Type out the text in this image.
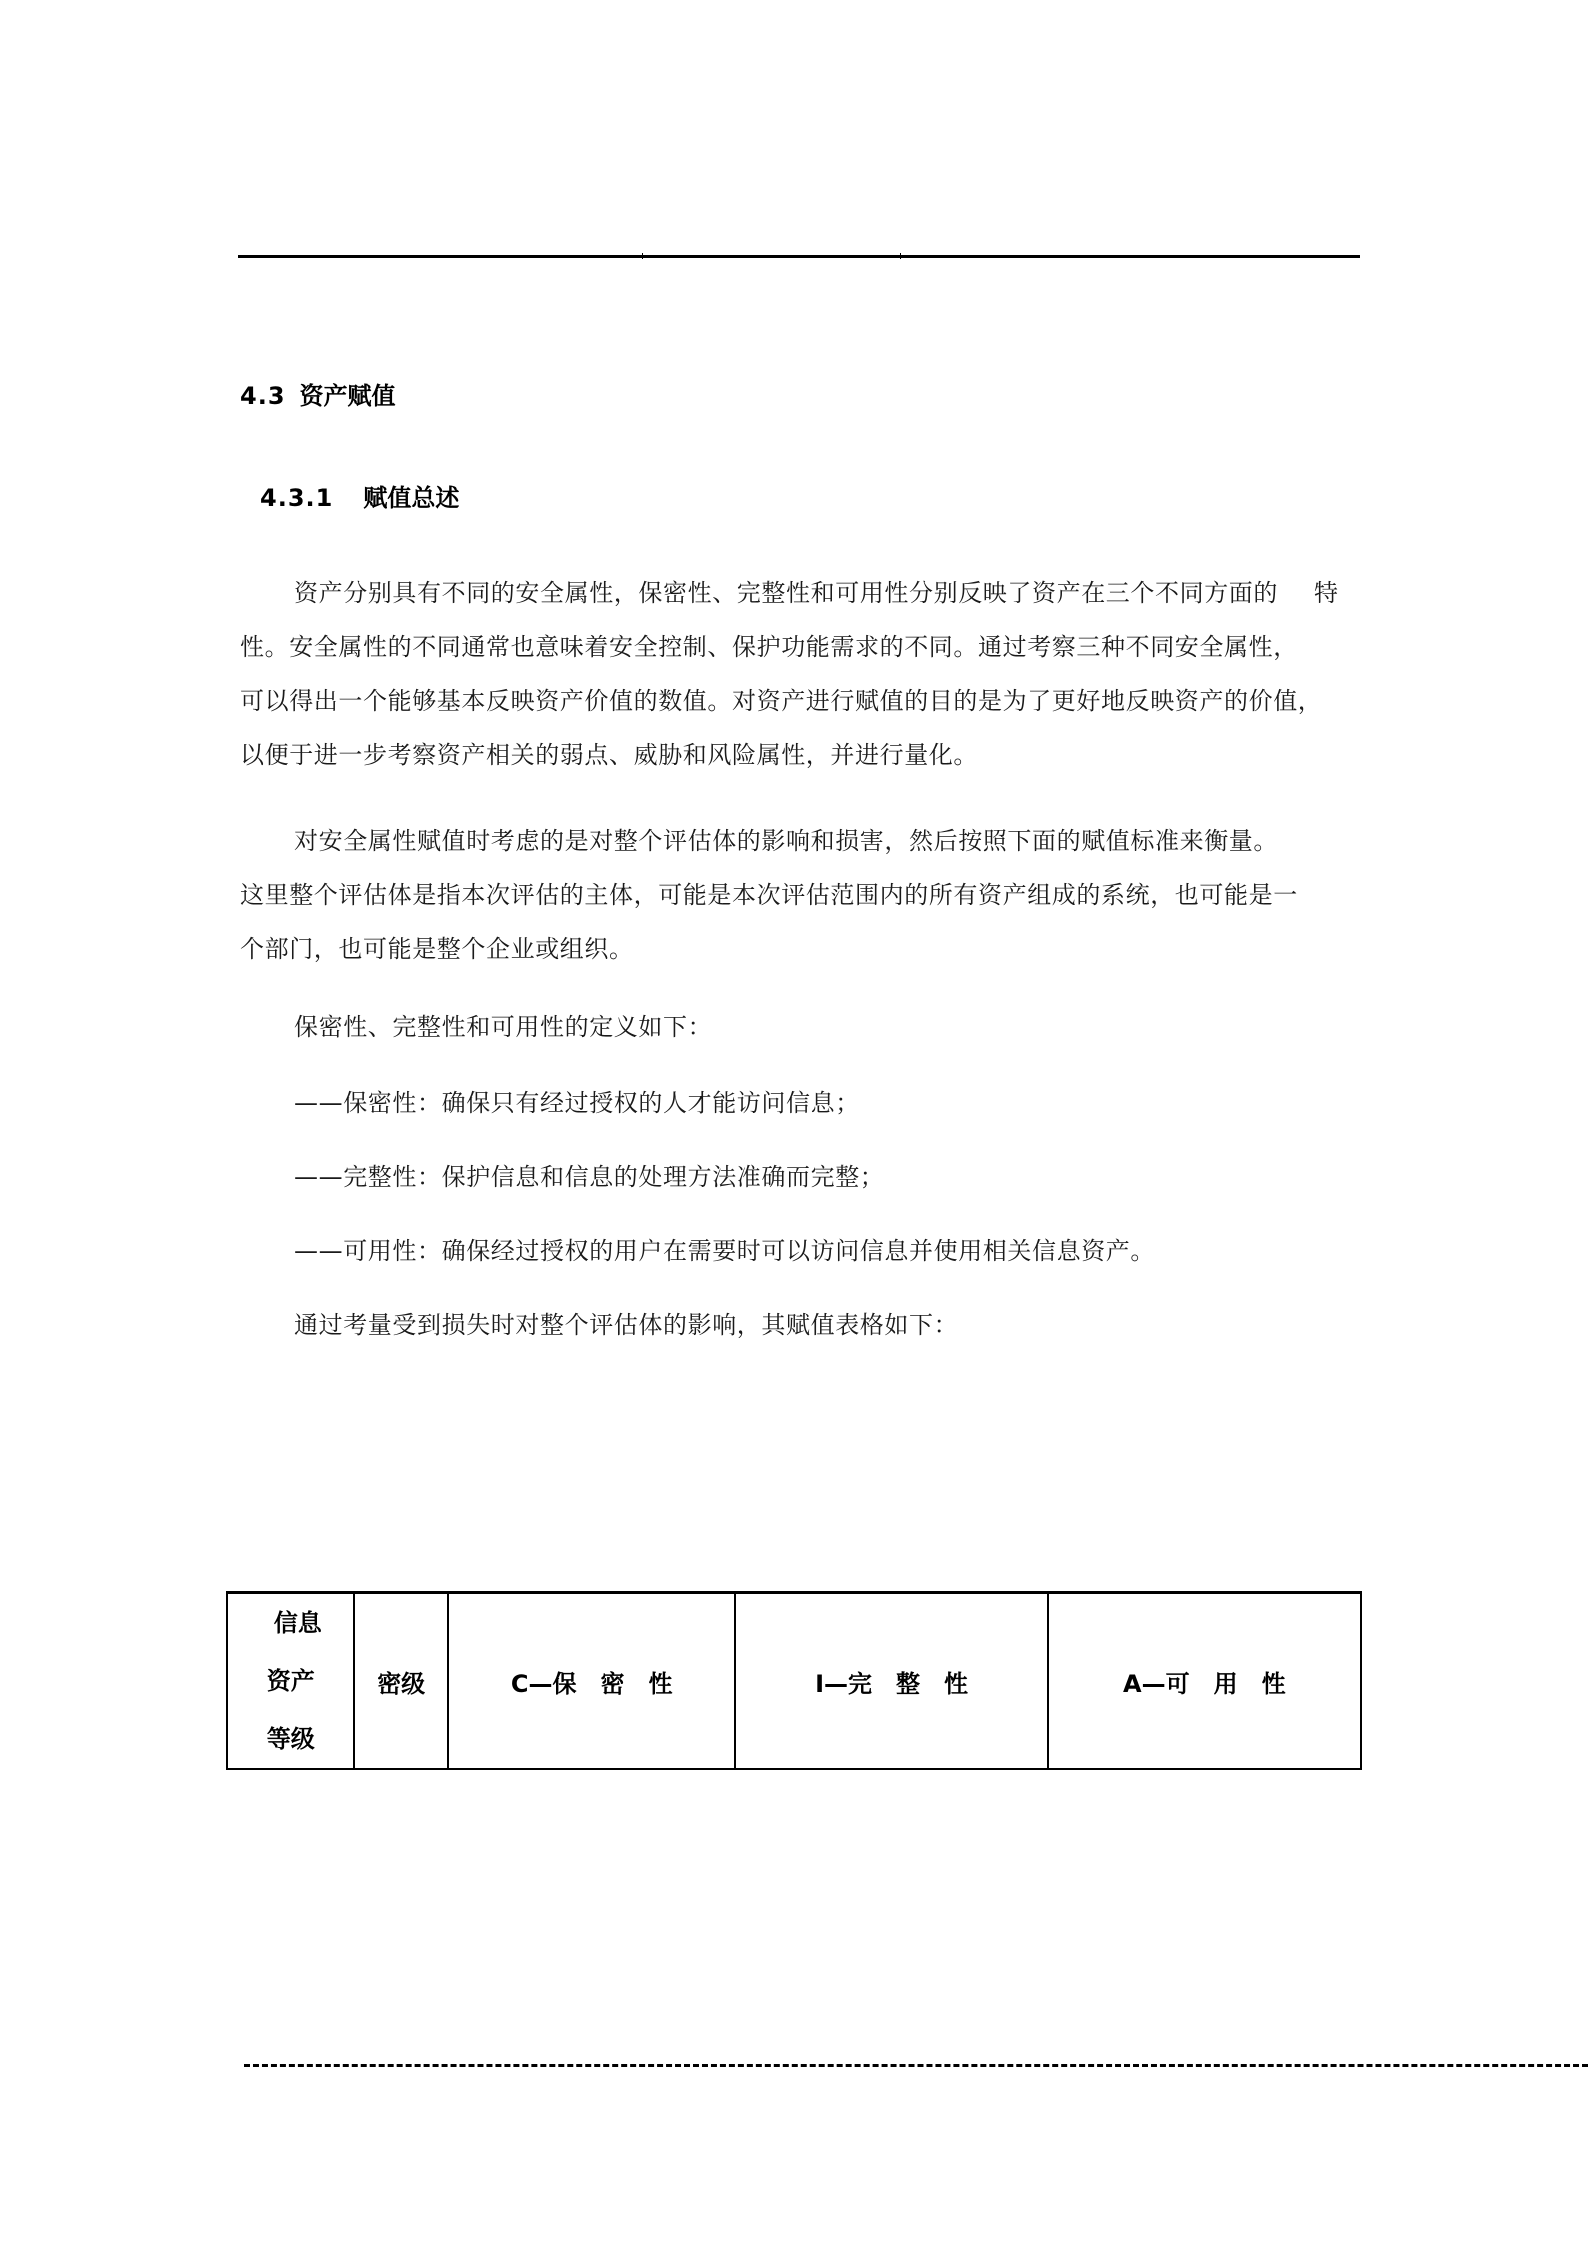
4.3 资产赋值
4.3.1 赋值总述
资产分别具有不同的安全属性，保密性、完整性和可用性分别反映了资产在三个不同方面的 特
性。安全属性的不同通常也意味着安全控制、保护功能需求的不同。通过考察三种不同安全属性，
可以得出一个能够基本反映资产价值的数值。对资产进行赋值的目的是为了更好地反映资产的价值，
以便于进一步考察资产相关的弱点、威胁和风险属性，并进行量化。
对安全属性赋值时考虑的是对整个评估体的影响和损害，然后按照下面的赋值标准来衡量。
这里整个评估体是指本次评估的主体，可能是本次评估范围内的所有资产组成的系统，也可能是一
个部门，也可能是整个企业或组织。
保密性、完整性和可用性的定义如下：
——保密性：确保只有经过授权的人才能访问信息；
——完整性：保护信息和信息的处理方法准确而完整；
——可用性：确保经过授权的用户在需要时可以访问信息并使用相关信息资产。
通过考量受到损失时对整个评估体的影响，其赋值表格如下：
信息
资产
等级
	密级	C—保　密　性	I—完　整　性	A—可　用　性
